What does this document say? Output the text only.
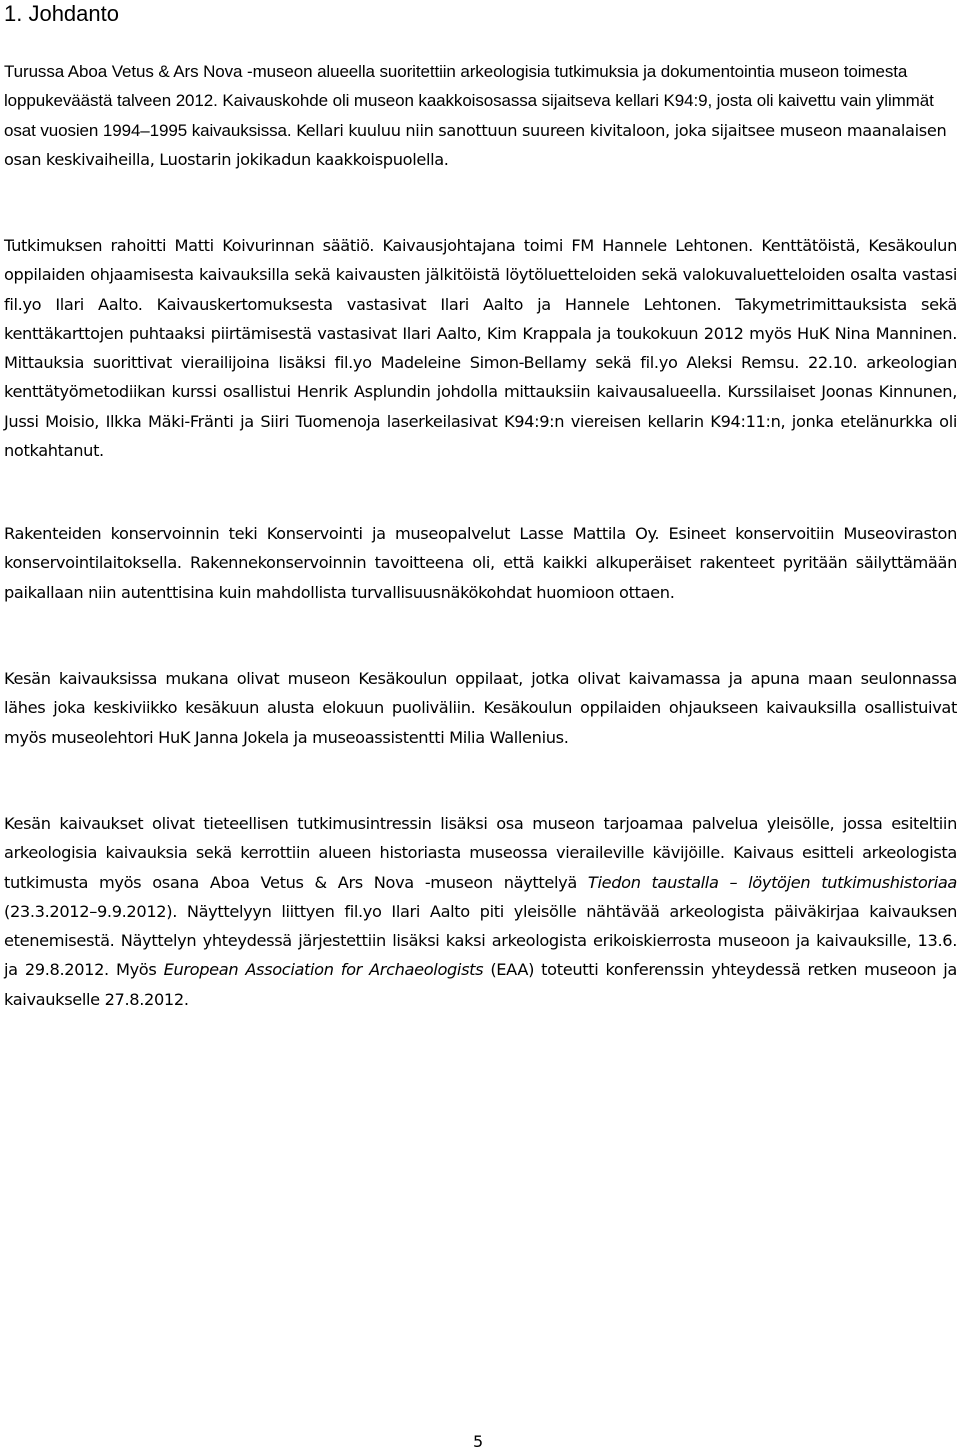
1. Johdanto

Turussa Aboa Vetus & Ars Nova -museon alueella suoritettiin arkeologisia tutkimuksia ja dokumentointia museon toimesta loppukeväästä talveen 2012. Kaivauskohde oli museon kaakkoisosassa sijaitseva kellari K94:9, josta oli kaivettu vain ylimmät osat vuosien 1994–1995 kaivauksissa. Kellari kuuluu niin sanottuun suureen kivitaloon, joka sijaitsee museon maanalaisen osan keskivaiheilla, Luostarin jokikadun kaakkoispuolella.

Tutkimuksen rahoitti Matti Koivurinnan säätiö. Kaivausjohtajana toimi FM Hannele Lehtonen. Kenttätöistä, Kesäkoulun oppilaiden ohjaamisesta kaivauksilla sekä kaivausten jälkitöistä löytöluetteloiden sekä valokuvaluetteloiden osalta vastasi fil.yo Ilari Aalto. Kaivauskertomuksesta vastasivat Ilari Aalto ja Hannele Lehtonen. Takymetrimittauksista sekä kenttäkarttojen puhtaaksi piirtämisestä vastasivat Ilari Aalto, Kim Krappala ja toukokuun 2012 myös HuK Nina Manninen. Mittauksia suorittivat vierailijoina lisäksi fil.yo Madeleine Simon-Bellamy sekä fil.yo Aleksi Remsu. 22.10. arkeologian kenttätyömetodiikan kurssi osallistui Henrik Asplundin johdolla mittauksiin kaivausalueella. Kurssilaiset Joonas Kinnunen, Jussi Moisio, Ilkka Mäki-Fränti ja Siiri Tuomenoja laserkeilasivat K94:9:n viereisen kellarin K94:11:n, jonka etelänurkka oli notkahtanut.

Rakenteiden konservoinnin teki Konservointi ja museopalvelut Lasse Mattila Oy. Esineet konservoitiin Museoviraston konservointilaitoksella. Rakennekonservoinnin tavoitteena oli, että kaikki alkuperäiset rakenteet pyritään säilyttämään paikallaan niin autenttisina kuin mahdollista turvallisuusnäkökohdat huomioon ottaen.

Kesän kaivauksissa mukana olivat museon Kesäkoulun oppilaat, jotka olivat kaivamassa ja apuna maan seulonnassa lähes joka keskiviikko kesäkuun alusta elokuun puoliväliin. Kesäkoulun oppilaiden ohjaukseen kaivauksilla osallistuivat myös museolehtori HuK Janna Jokela ja museoassistentti Milia Wallenius.

Kesän kaivaukset olivat tieteellisen tutkimusintressin lisäksi osa museon tarjoamaa palvelua yleisölle, jossa esiteltiin arkeologisia kaivauksia sekä kerrottiin alueen historiasta museossa vieraileville kävijöille. Kaivaus esitteli arkeologista tutkimusta myös osana Aboa Vetus & Ars Nova -museon näyttelyä Tiedon taustalla – löytöjen tutkimushistoriaa (23.3.2012–9.9.2012). Näyttelyyn liittyen fil.yo Ilari Aalto piti yleisölle nähtävää arkeologista päiväkirjaa kaivauksen etenemisestä. Näyttelyn yhteydessä järjestettiin lisäksi kaksi arkeologista erikoiskierrosta museoon ja kaivauksille, 13.6. ja 29.8.2012. Myös European Association for Archaeologists (EAA) toteutti konferenssin yhteydessä retken museoon ja kaivaukselle 27.8.2012.

5
